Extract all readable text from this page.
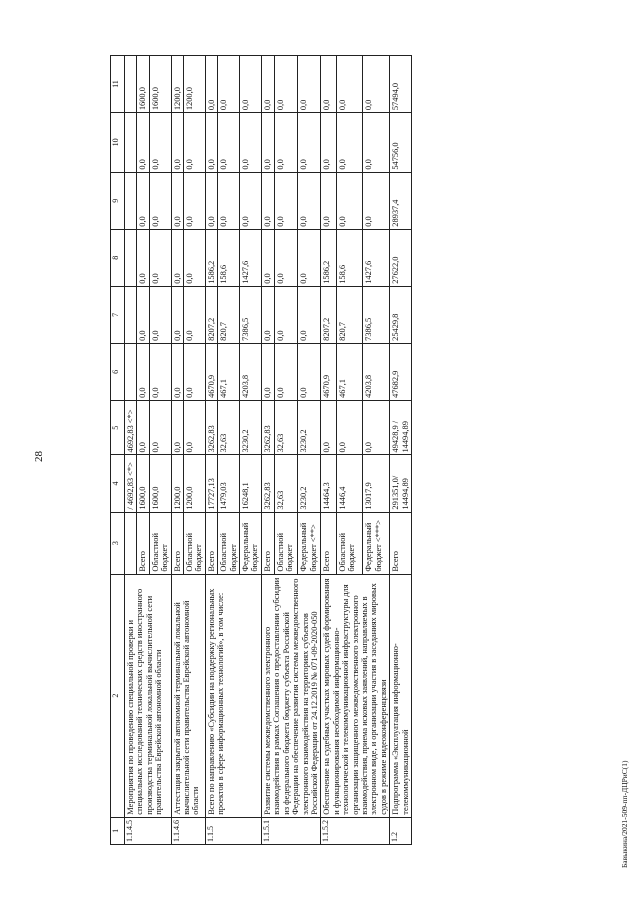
28
Бавыкина/2021-509-пп-ДЦРиС(1)
1	2	3	4	5	6	7	8	9	10	11
1.1.4.5	Мероприятия по проведению специальной проверки и специальных исследований технических средств иностранного производства терминальной локальной вычислительной сети правительства Еврейской автономной области		/ 4692,83 <*>	4692,83 <*>						
		Всего	1600,0	0,0	0,0	0,0	0,0	0,0	0,0	1600,0
		Областной бюджет	1600,0	0,0	0,0	0,0	0,0	0,0	0,0	1600,0
1.1.4.6	Аттестация закрытой автономной терминальной локальной вычислительной сети правительства Еврейской автономной области	Всего	1200,0	0,0	0,0	0,0	0,0	0,0	0,0	1200,0
		Областной бюджет	1200,0	0,0	0,0	0,0	0,0	0,0	0,0	1200,0
1.1.5	Всего по направлению «Субсидии на поддержку региональных проектов в сфере информационных технологий», в том числе:	Всего	17727,13	3262,83	4670,9	8207,2	1586,2	0,0	0,0	0,0
		Областной бюджет	1479,03	32,63	467,1	820,7	158,6	0,0	0,0	0,0
		Федеральный бюджет	16248,1	3230,2	4203,8	7386,5	1427,6	0,0	0,0	0,0
1.1.5.1	Развитие системы межведомственного электронного взаимодействия в рамках Соглашения о предоставлении субсидии из федерального бюджета бюджету субъекта Российской Федерации на обеспечение развития системы межведомственного электронного взаимодействия на территориях субъектов Российской Федерации от 24.12.2019 № 071-09-2020-050	Всего	3262,83	3262,83	0,0	0,0	0,0	0,0	0,0	0,0
		Областной бюджет	32,63	32,63	0,0	0,0	0,0	0,0	0,0	0,0
		Федеральный бюджет <**>	3230,2	3230,2	0,0	0,0	0,0	0,0	0,0	0,0
1.1.5.2	Обеспечение на судебных участках мировых судей формирования и функционирования необходимой информационно-технологической и телекоммуникационной инфраструктуры для организации защищенного межведомственного электронного взаимодействия, приема исковых заявлений, направляемых в электронном виде, и организации участия в заседаниях мировых судов в режиме видеоконференцсвязи	Всего	14464,3	0,0	4670,9	8207,2	1586,2	0,0	0,0	0,0
		Областной бюджет	1446,4	0,0	467,1	820,7	158,6	0,0	0,0	0,0
		Федеральный бюджет <***>	13017,9	0,0	4203,8	7386,5	1427,6	0,0	0,0	0,0
1.2	Подпрограмма «Эксплуатация информационно-телекоммуникационной	Всего	291351,0/ 14494,89	49428,9 / 14494,89	47682,9	25429,8	27622,0	28937,4	54756,0	57494,0
